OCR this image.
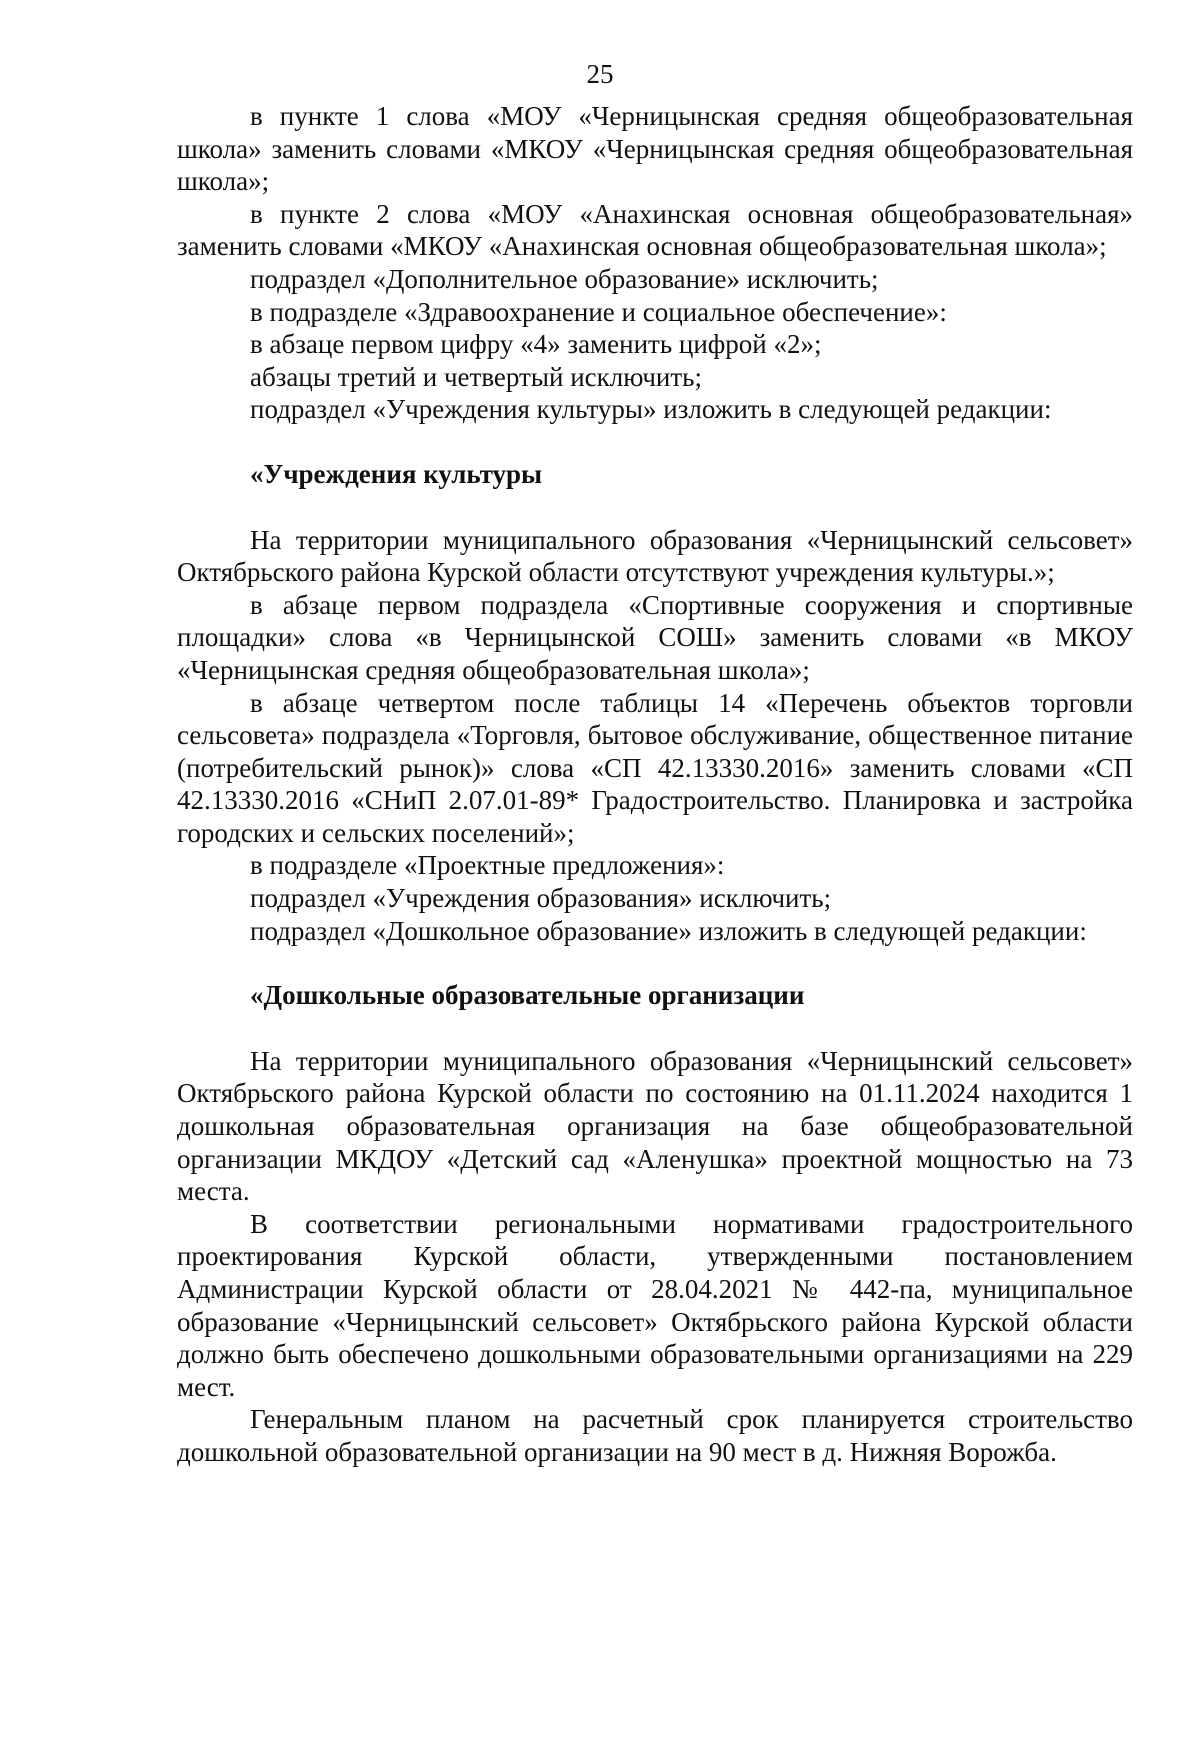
25

в пункте 1 слова «МОУ «Черницынская средняя общеобразовательная школа» заменить словами «МКОУ «Черницынская средняя общеобразовательная школа»;

в пункте 2 слова «МОУ «Анахинская основная общеобразовательная» заменить словами «МКОУ «Анахинская основная общеобразовательная школа»;

подраздел «Дополнительное образование» исключить;

в подразделе «Здравоохранение и социальное обеспечение»:

в абзаце первом цифру «4» заменить цифрой «2»;

абзацы третий и четвертый исключить;

подраздел «Учреждения культуры» изложить в следующей редакции:

«Учреждения культуры

На территории муниципального образования «Черницынский сельсовет» Октябрьского района Курской области отсутствуют учреждения культуры.»;

в абзаце первом подраздела «Спортивные сооружения и спортивные площадки» слова «в Черницынской СОШ» заменить словами «в МКОУ «Черницынская средняя общеобразовательная школа»;

в абзаце четвертом после таблицы 14 «Перечень объектов торговли сельсовета» подраздела «Торговля, бытовое обслуживание, общественное питание (потребительский рынок)» слова «СП 42.13330.2016» заменить словами «СП 42.13330.2016 «СНиП 2.07.01-89* Градостроительство. Планировка и застройка городских и сельских поселений»;

в подразделе «Проектные предложения»:

подраздел «Учреждения образования» исключить;

подраздел «Дошкольное образование» изложить в следующей редакции:

«Дошкольные образовательные организации

На территории муниципального образования «Черницынский сельсовет» Октябрьского района Курской области по состоянию на 01.11.2024 находится 1 дошкольная образовательная организация на базе общеобразовательной организации МКДОУ «Детский сад «Аленушка» проектной мощностью на 73 места.

В соответствии региональными нормативами градостроительного проектирования Курской области, утвержденными постановлением Администрации Курской области от 28.04.2021 № 442-па, муниципальное образование «Черницынский сельсовет» Октябрьского района Курской области должно быть обеспечено дошкольными образовательными организациями на 229 мест.

Генеральным планом на расчетный срок планируется строительство дошкольной образовательной организации на 90 мест в д. Нижняя Ворожба.
